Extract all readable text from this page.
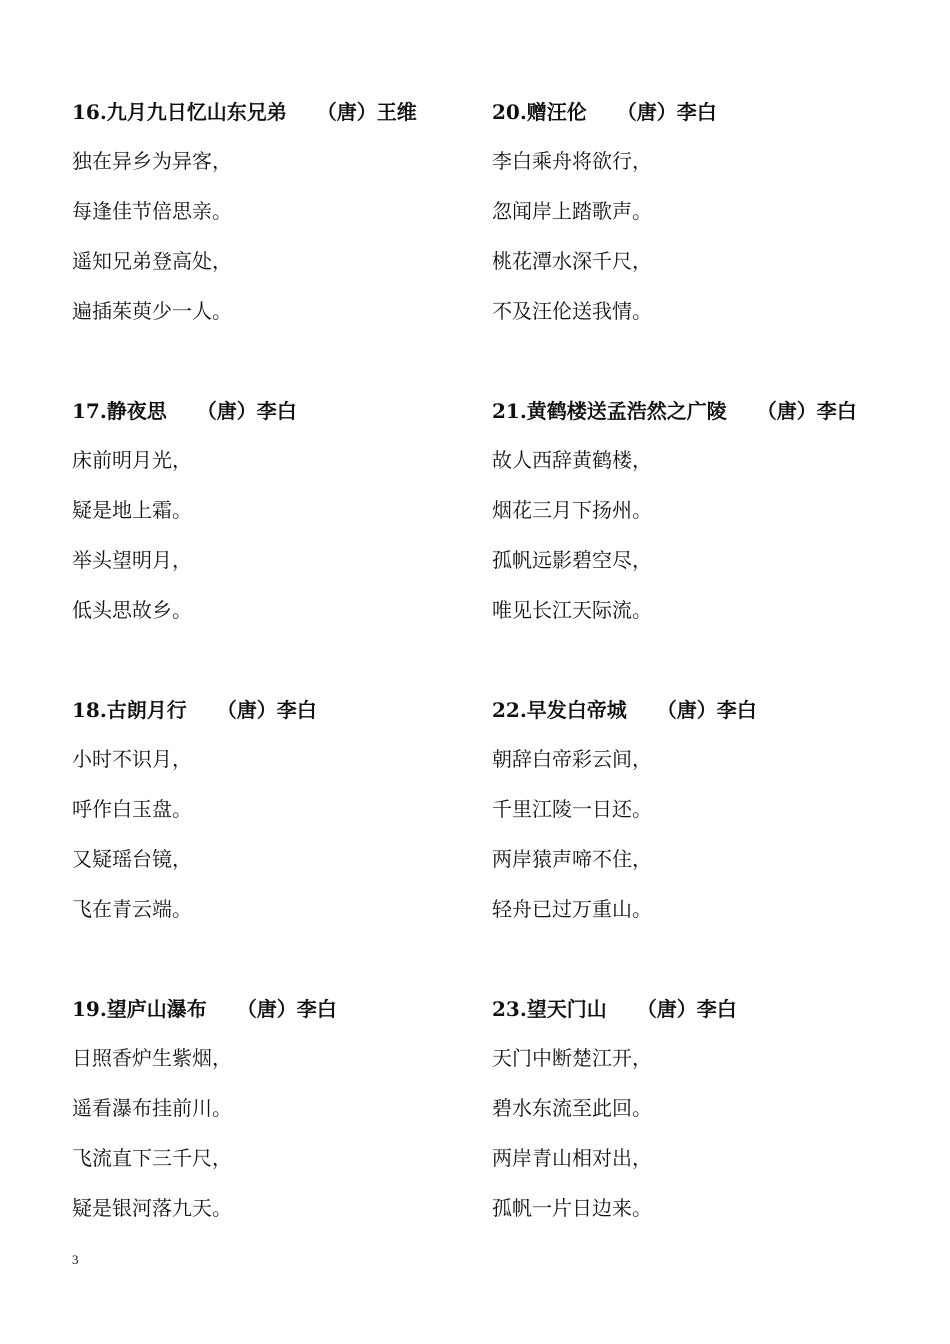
16.九月九日忆山东兄弟 （唐）王维

独在异乡为异客，

每逢佳节倍思亲。

遥知兄弟登高处，

遍插茱萸少一人。

17.静夜思 （唐）李白

床前明月光，

疑是地上霜。

举头望明月，

低头思故乡。

18.古朗月行 （唐）李白

小时不识月，

呼作白玉盘。

又疑瑶台镜，

飞在青云端。

19.望庐山瀑布 （唐）李白

日照香炉生紫烟，

遥看瀑布挂前川。

飞流直下三千尺，

疑是银河落九天。

20.赠汪伦 （唐）李白

李白乘舟将欲行，

忽闻岸上踏歌声。

桃花潭水深千尺，

不及汪伦送我情。

21.黄鹤楼送孟浩然之广陵 （唐）李白

故人西辞黄鹤楼，

烟花三月下扬州。

孤帆远影碧空尽，

唯见长江天际流。

22.早发白帝城 （唐）李白

朝辞白帝彩云间，

千里江陵一日还。

两岸猿声啼不住，

轻舟已过万重山。

23.望天门山 （唐）李白

天门中断楚江开，

碧水东流至此回。

两岸青山相对出，

孤帆一片日边来。

3
